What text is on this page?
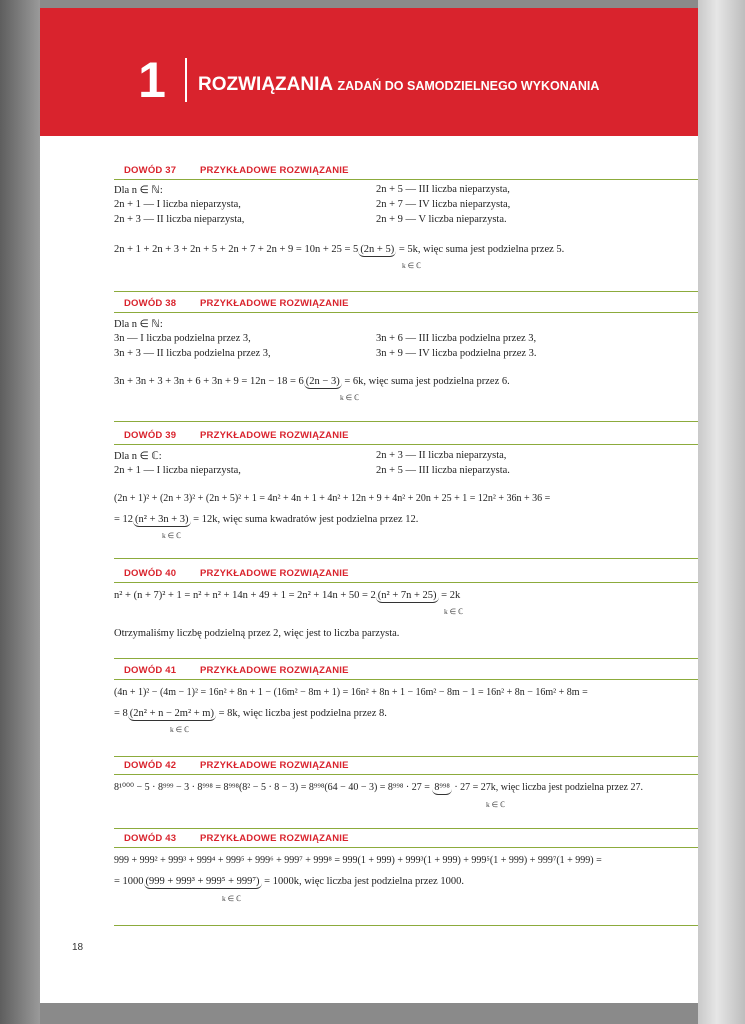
1	ROZWIĄZANIA ZADAŃ DO SAMODZIELNEGO WYKONANIA
DOWÓD 37 PRZYKŁADOWE ROZWIĄZANIE
Dla n ∈ ℕ:
2n + 1 — I liczba nieparzysta,
2n + 3 — II liczba nieparzysta,
2n + 5 — III liczba nieparzysta,
2n + 7 — IV liczba nieparzysta,
2n + 9 — V liczba nieparzysta.
2n + 1 + 2n + 3 + 2n + 5 + 2n + 7 + 2n + 9 = 10n + 25 = 5 (2n + 5) = 5k, więc suma jest podzielna przez 5.
k ∈ ℂ
DOWÓD 38 PRZYKŁADOWE ROZWIĄZANIE
Dla n ∈ ℕ:
3n — I liczba podzielna przez 3,
3n + 3 — II liczba podzielna przez 3,
3n + 6 — III liczba podzielna przez 3,
3n + 9 — IV liczba podzielna przez 3.
3n + 3n + 3 + 3n + 6 + 3n + 9 = 12n − 18 = 6 (2n − 3) = 6k, więc suma jest podzielna przez 6.
k ∈ ℂ
DOWÓD 39 PRZYKŁADOWE ROZWIĄZANIE
Dla n ∈ ℂ:
2n + 1 — I liczba nieparzysta,
2n + 3 — II liczba nieparzysta,
2n + 5 — III liczba nieparzysta.
(2n + 1)² + (2n + 3)² + (2n + 5)² + 1 = 4n² + 4n + 1 + 4n² + 12n + 9 + 4n² + 20n + 25 + 1 = 12n² + 36n + 36 =
= 12 (n² + 3n + 3) = 12k, więc suma kwadratów jest podzielna przez 12.
k ∈ ℂ
DOWÓD 40 PRZYKŁADOWE ROZWIĄZANIE
n² + (n + 7)² + 1 = n² + n² + 14n + 49 + 1 = 2n² + 14n + 50 = 2 (n² + 7n + 25) = 2k
k ∈ ℂ
Otrzymaliśmy liczbę podzielną przez 2, więc jest to liczba parzysta.
DOWÓD 41 PRZYKŁADOWE ROZWIĄZANIE
(4n + 1)² − (4m − 1)² = 16n² + 8n + 1 − (16m² − 8m + 1) = 16n² + 8n + 1 − 16m² − 8m − 1 = 16n² + 8n − 16m² + 8m =
= 8 (2n² + n − 2m² + m) = 8k, więc liczba jest podzielna przez 8.
k ∈ ℂ
DOWÓD 42 PRZYKŁADOWE ROZWIĄZANIE
8¹⁰⁰⁰ − 5 · 8⁹⁹⁹ − 3 · 8⁹⁹⁸ = 8⁹⁹⁸(8² − 5 · 8 − 3) = 8⁹⁹⁸(64 − 40 − 3) = 8⁹⁹⁸ · 27 = 8⁹⁹⁸ · 27 = 27k, więc liczba jest podzielna przez 27.
k ∈ ℂ
DOWÓD 43 PRZYKŁADOWE ROZWIĄZANIE
999 + 999² + 999³ + 999⁴ + 999⁵ + 999⁶ + 999⁷ + 999⁸ = 999(1 + 999) + 999³(1 + 999) + 999⁵(1 + 999) + 999⁷(1 + 999) =
= 1000 (999 + 999³ + 999⁵ + 999⁷) = 1000k, więc liczba jest podzielna przez 1000.
k ∈ ℂ
18
